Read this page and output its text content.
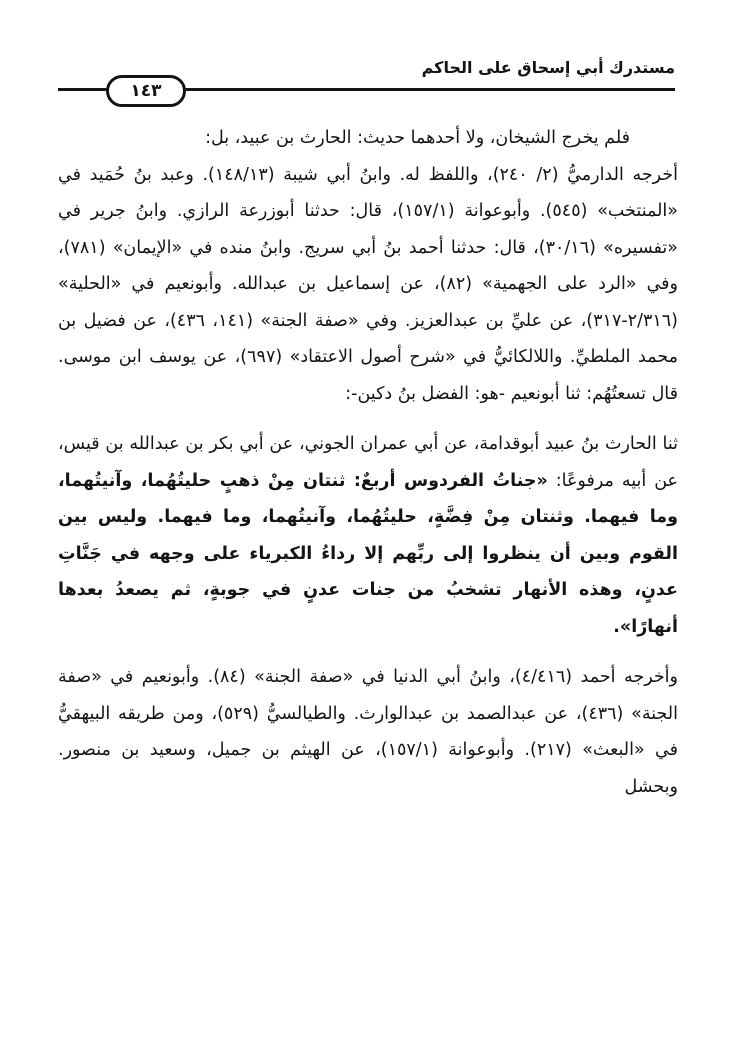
مستدرك أبي إسحاق على الحاكم
١٤٣

فلم يخرج الشيخان، ولا أحدهما حديث: الحارث بن عبيد، بل:

أخرجه الدارميُّ (٢/ ٢٤٠)، واللفظ له. وابنُ أبي شيبة (١٤٨/١٣). وعبد بنُ حُمَيد في «المنتخب» (٥٤٥). وأبوعوانة (١٥٧/١)، قال: حدثنا أبوزرعة الرازي. وابنُ جرير في «تفسيره» (٣٠/١٦)، قال: حدثنا أحمد بنُ أبي سريج. وابنُ منده في «الإيمان» (٧٨١)، وفي «الرد على الجهمية» (٨٢)، عن إسماعيل بن عبدالله. وأبونعيم في «الحلية» (٢/٣١٦-٣١٧)، عن عليِّ بن عبدالعزيز. وفي «صفة الجنة» (١٤١، ٤٣٦)، عن فضيل بن محمد الملطيِّ. واللالكائيُّ في «شرح أصول الاعتقاد» (٦٩٧)، عن يوسف ابن موسى. قال تسعتُهُم: ثنا أبونعيم -هو: الفضل بنُ دكين-:

ثنا الحارث بنُ عبيد أبوقدامة، عن أبي عمران الجوني، عن أبي بكر بن عبدالله بن قيس، عن أبيه مرفوعًا: «جناتُ الفردوس أربعٌ: ثنتان مِنْ ذهبٍ حليتُهُما، وآنيتُهما، وما فيهما. وثنتان مِنْ فِضَّةٍ، حليتُهُما، وآنيتُهما، وما فيهما. وليس بين القوم وبين أن ينظروا إلى ربِّهم إلا رداءُ الكبرياء على وجهه في جَنَّاتِ عدنٍ، وهذه الأنهار تشخبُ من جنات عدنٍ في جوبةٍ، ثم يصعدُ بعدها أنهارًا».

وأخرجه أحمد (٤/٤١٦)، وابنُ أبي الدنيا في «صفة الجنة» (٨٤). وأبونعيم في «صفة الجنة» (٤٣٦)، عن عبدالصمد بن عبدالوارث. والطيالسيُّ (٥٢٩)، ومن طريقه البيهقيُّ في «البعث» (٢١٧). وأبوعوانة (١٥٧/١)، عن الهيثم بن جميل، وسعيد بن منصور. وبحشل
